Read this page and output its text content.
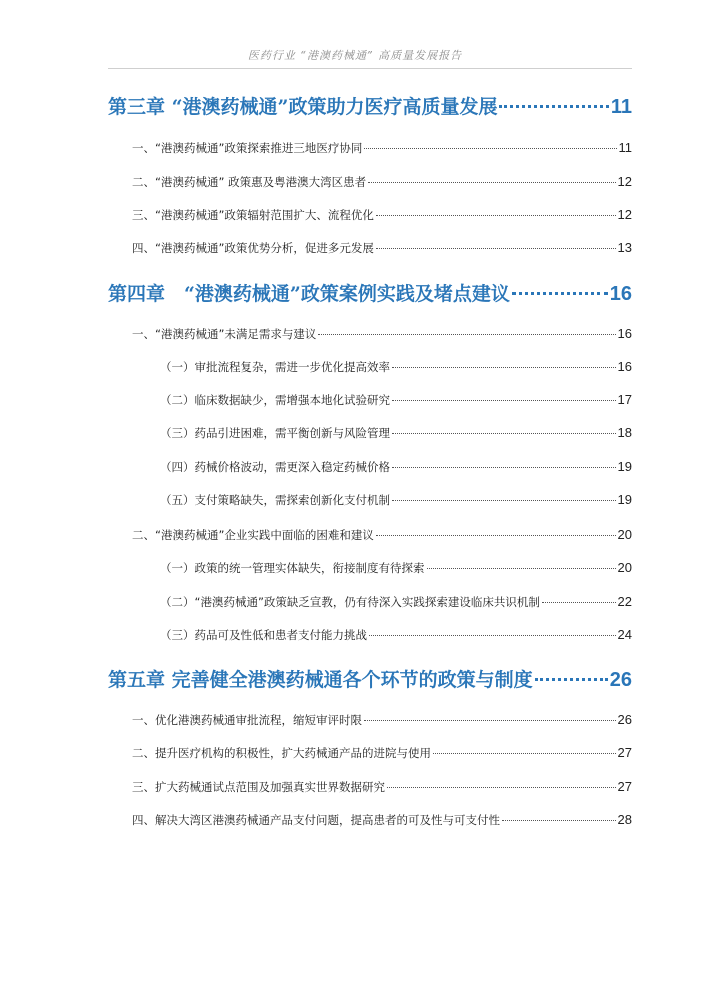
医药行业 “港澳药械通” 高质量发展报告
第三章 “港澳药械通”政策助力医疗高质量发展	11
一、“港澳药械通”政策探索推进三地医疗协同	11
二、“港澳药械通” 政策惠及粤港澳大湾区患者	12
三、“港澳药械通”政策辐射范围扩大、流程优化	12
四、“港澳药械通”政策优势分析，促进多元发展	13
第四章　“港澳药械通”政策案例实践及堵点建议	16
一、“港澳药械通”未满足需求与建议	16
（一）审批流程复杂，需进一步优化提高效率	16
（二）临床数据缺少，需增强本地化试验研究	17
（三）药品引进困难，需平衡创新与风险管理	18
（四）药械价格波动，需更深入稳定药械价格	19
（五）支付策略缺失，需探索创新化支付机制	19
二、“港澳药械通”企业实践中面临的困难和建议	20
（一）政策的统一管理实体缺失，衔接制度有待探索	20
（二）“港澳药械通”政策缺乏宣教，仍有待深入实践探索建设临床共识机制	22
（三）药品可及性低和患者支付能力挑战	24
第五章 完善健全港澳药械通各个环节的政策与制度	26
一、优化港澳药械通审批流程，缩短审评时限	26
二、提升医疗机构的积极性，扩大药械通产品的进院与使用	27
三、扩大药械通试点范围及加强真实世界数据研究	27
四、解决大湾区港澳药械通产品支付问题，提高患者的可及性与可支付性	28
